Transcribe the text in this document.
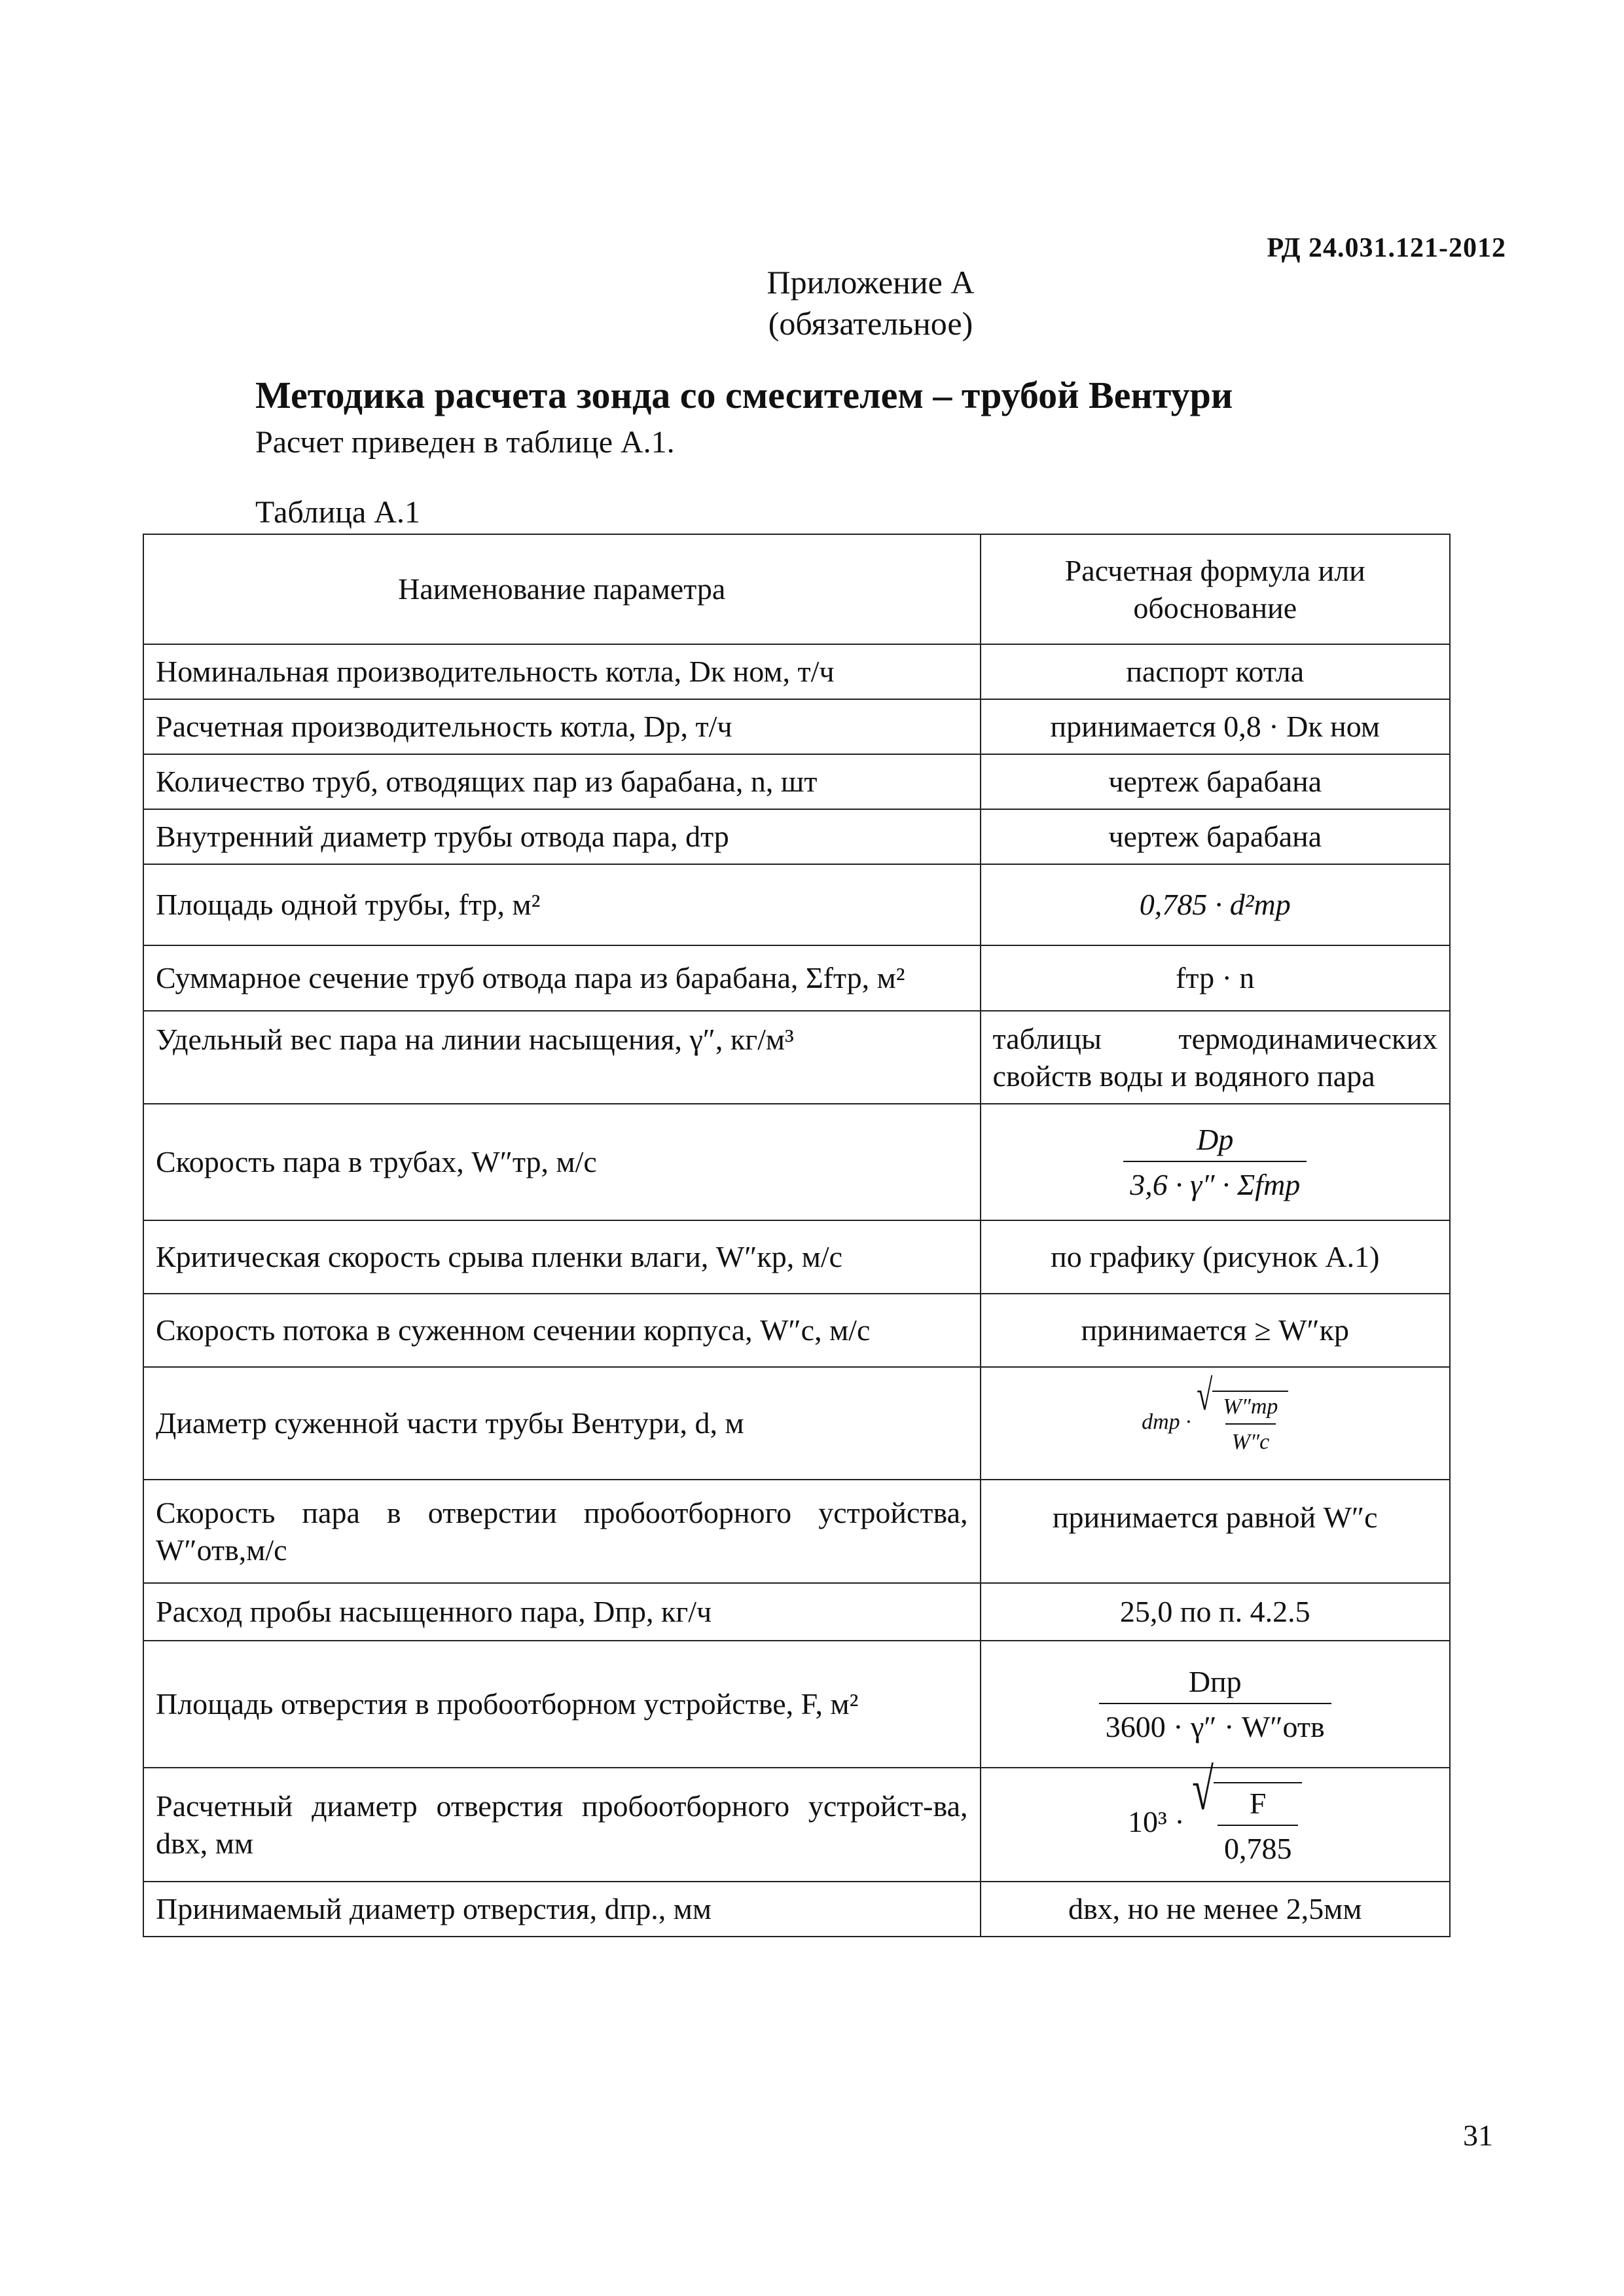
РД 24.031.121-2012
Приложение А
(обязательное)
Методика расчета зонда со смесителем – трубой Вентури
Расчет приведен в таблице А.1.
Таблица А.1
Наименование параметра	Расчетная формула или обоснование
Номинальная производительность котла, Dк ном, т/ч	паспорт котла
Расчетная производительность котла, Dр, т/ч	принимается 0,8 · Dк ном
Количество труб, отводящих пар из барабана, n, шт	чертеж барабана
Внутренний диаметр трубы отвода пара, dтр	чертеж барабана
Площадь одной трубы, fтр, м²	0,785 · d²тр
Суммарное сечение труб отвода пара из барабана, Σfтр, м²	fтр · n
Удельный вес пара на линии насыщения, γ″, кг/м³	таблицы термодинамических свойств воды и водяного пара
Скорость пара в трубах, W″тр, м/с	$\frac{Dр}{\text{3,6 · γ″ · Σfтр}}$

Критическая скорость срыва пленки влаги, W″кр, м/с	по графику (рисунок А.1)
Скорость потока в суженном сечении корпуса, W″с, м/с	принимается ≥ W″кр
Диаметр суженной части трубы Вентури, d, м	dтр ·
√ $\frac{W''тр}{W''с}$

Скорость пара в отверстии пробоотборного устройства, W″отв,м/с	принимается равной W″с
Расход пробы насыщенного пара, Dпр, кг/ч	25,0 по п. 4.2.5
Площадь отверстия в пробоотборном устройстве, F, м²	$\frac{\text{Dпр}}{\text{3600 · γ″ · W″отв}}$

Расчетный диаметр отверстия пробоотборного устройст-ва, dвх, мм	10³ ·
√ $\frac{F}{0,785}$

Принимаемый диаметр отверстия, dпр., мм	dвх, но не менее 2,5мм
31
